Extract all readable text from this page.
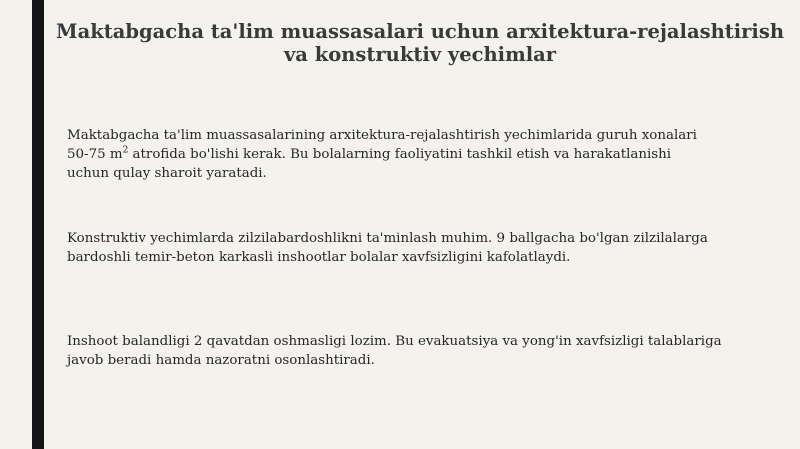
Maktabgacha ta'lim muassasalari uchun arxitektura-rejalashtirish
va konstruktiv yechimlar
Maktabgacha ta'lim muassasalarining arxitektura-rejalashtirish yechimlarida guruh xonalari
50-75 $m^2$ atrofida bo'lishi kerak. Bu bolalarning faoliyatini tashkil etish va harakatlanishi
uchun qulay sharoit yaratadi.
Konstruktiv yechimlarda zilzilabardoshlikni ta'minlash muhim. 9 ballgacha bo'lgan zilzilalarga
bardoshli temir-beton karkasli inshootlar bolalar xavfsizligini kafolatlaydi.
Inshoot balandligi 2 qavatdan oshmasligi lozim. Bu evakuatsiya va yong'in xavfsizligi talablariga
javob beradi hamda nazoratni osonlashtiradi.
